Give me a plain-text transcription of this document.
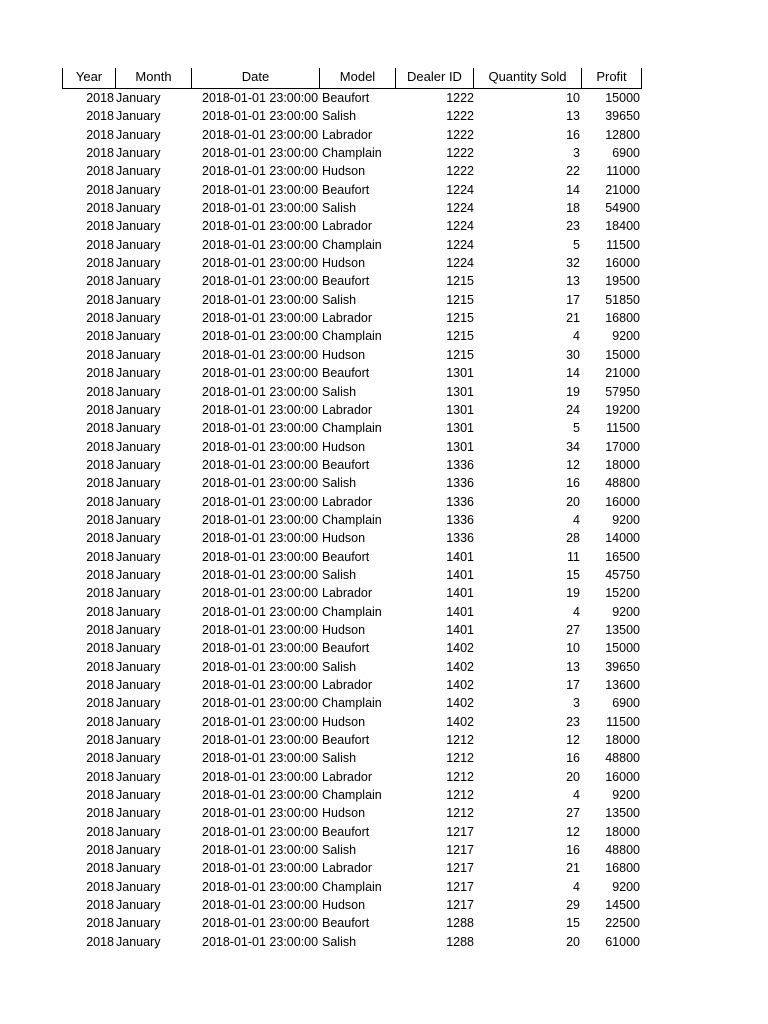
Year	Month	Date	Model	Dealer ID	Quantity Sold	Profit
2018 January	2018-01-01 23:00:00 Beaufort	1222	10	15000
2018 January	2018-01-01 23:00:00 Salish	1222	13	39650
2018 January	2018-01-01 23:00:00 Labrador	1222	16	12800
2018 January	2018-01-01 23:00:00 Champlain	1222	3	6900
2018 January	2018-01-01 23:00:00 Hudson	1222	22	11000
2018 January	2018-01-01 23:00:00 Beaufort	1224	14	21000
2018 January	2018-01-01 23:00:00 Salish	1224	18	54900
2018 January	2018-01-01 23:00:00 Labrador	1224	23	18400
2018 January	2018-01-01 23:00:00 Champlain	1224	5	11500
2018 January	2018-01-01 23:00:00 Hudson	1224	32	16000
2018 January	2018-01-01 23:00:00 Beaufort	1215	13	19500
2018 January	2018-01-01 23:00:00 Salish	1215	17	51850
2018 January	2018-01-01 23:00:00 Labrador	1215	21	16800
2018 January	2018-01-01 23:00:00 Champlain	1215	4	9200
2018 January	2018-01-01 23:00:00 Hudson	1215	30	15000
2018 January	2018-01-01 23:00:00 Beaufort	1301	14	21000
2018 January	2018-01-01 23:00:00 Salish	1301	19	57950
2018 January	2018-01-01 23:00:00 Labrador	1301	24	19200
2018 January	2018-01-01 23:00:00 Champlain	1301	5	11500
2018 January	2018-01-01 23:00:00 Hudson	1301	34	17000
2018 January	2018-01-01 23:00:00 Beaufort	1336	12	18000
2018 January	2018-01-01 23:00:00 Salish	1336	16	48800
2018 January	2018-01-01 23:00:00 Labrador	1336	20	16000
2018 January	2018-01-01 23:00:00 Champlain	1336	4	9200
2018 January	2018-01-01 23:00:00 Hudson	1336	28	14000
2018 January	2018-01-01 23:00:00 Beaufort	1401	11	16500
2018 January	2018-01-01 23:00:00 Salish	1401	15	45750
2018 January	2018-01-01 23:00:00 Labrador	1401	19	15200
2018 January	2018-01-01 23:00:00 Champlain	1401	4	9200
2018 January	2018-01-01 23:00:00 Hudson	1401	27	13500
2018 January	2018-01-01 23:00:00 Beaufort	1402	10	15000
2018 January	2018-01-01 23:00:00 Salish	1402	13	39650
2018 January	2018-01-01 23:00:00 Labrador	1402	17	13600
2018 January	2018-01-01 23:00:00 Champlain	1402	3	6900
2018 January	2018-01-01 23:00:00 Hudson	1402	23	11500
2018 January	2018-01-01 23:00:00 Beaufort	1212	12	18000
2018 January	2018-01-01 23:00:00 Salish	1212	16	48800
2018 January	2018-01-01 23:00:00 Labrador	1212	20	16000
2018 January	2018-01-01 23:00:00 Champlain	1212	4	9200
2018 January	2018-01-01 23:00:00 Hudson	1212	27	13500
2018 January	2018-01-01 23:00:00 Beaufort	1217	12	18000
2018 January	2018-01-01 23:00:00 Salish	1217	16	48800
2018 January	2018-01-01 23:00:00 Labrador	1217	21	16800
2018 January	2018-01-01 23:00:00 Champlain	1217	4	9200
2018 January	2018-01-01 23:00:00 Hudson	1217	29	14500
2018 January	2018-01-01 23:00:00 Beaufort	1288	15	22500
2018 January	2018-01-01 23:00:00 Salish	1288	20	61000
